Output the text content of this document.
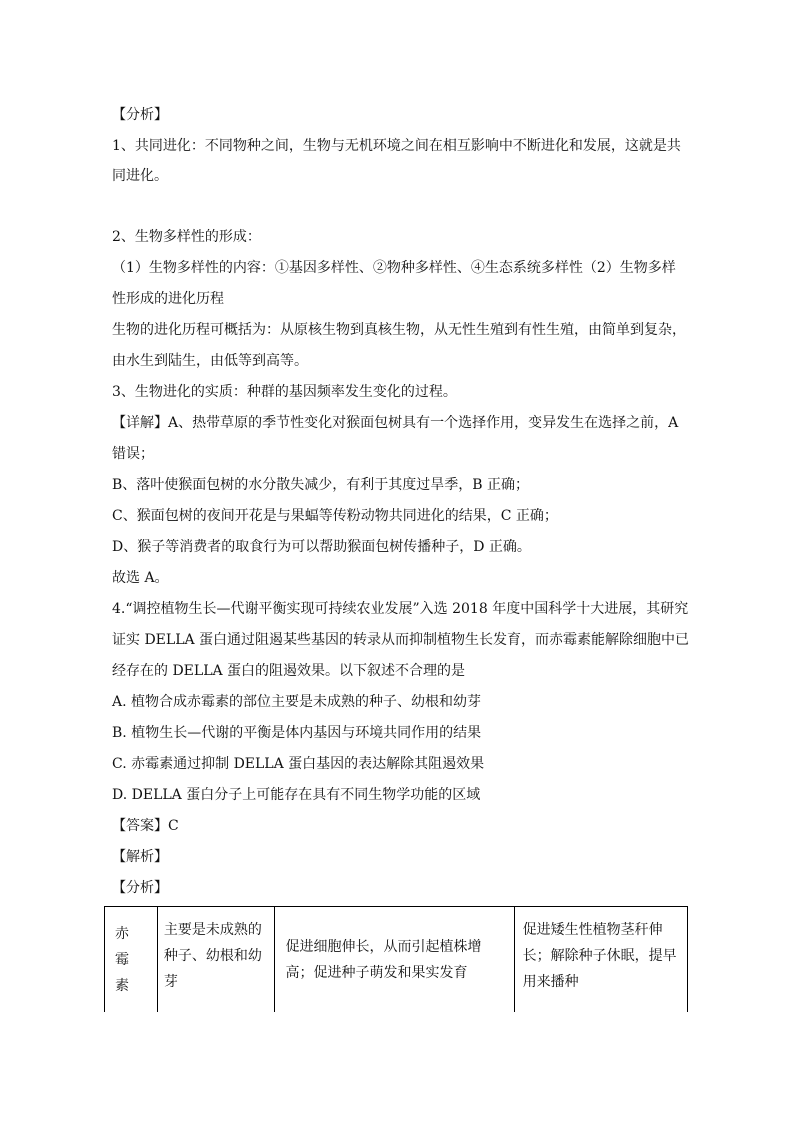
【分析】
1、共同进化：不同物种之间，生物与无机环境之间在相互影响中不断进化和发展，这就是共
同进化。
2、生物多样性的形成：
（1）生物多样性的内容：①基因多样性、②物种多样性、④生态系统多样性（2）生物多样
性形成的进化历程
生物的进化历程可概括为：从原核生物到真核生物，从无性生殖到有性生殖，由简单到复杂，
由水生到陆生，由低等到高等。
3、生物进化的实质：种群的基因频率发生变化的过程。
【详解】A、热带草原的季节性变化对猴面包树具有一个选择作用，变异发生在选择之前，A
错误；
B、落叶使猴面包树的水分散失减少，有利于其度过旱季，B 正确；
C、猴面包树的夜间开花是与果蝠等传粉动物共同进化的结果，C 正确；
D、猴子等消费者的取食行为可以帮助猴面包树传播种子，D 正确。
故选 A。
4.“调控植物生长—代谢平衡实现可持续农业发展”入选 2018 年度中国科学十大进展，其研究
证实 DELLA 蛋白通过阻遏某些基因的转录从而抑制植物生长发育，而赤霉素能解除细胞中已
经存在的 DELLA 蛋白的阻遏效果。以下叙述不合理的是
A. 植物合成赤霉素的部位主要是未成熟的种子、幼根和幼芽
B. 植物生长—代谢的平衡是体内基因与环境共同作用的结果
C. 赤霉素通过抑制 DELLA 蛋白基因的表达解除其阻遏效果
D. DELLA 蛋白分子上可能存在具有不同生物学功能的区域
【答案】C
【解析】
【分析】
赤霉素
主要是未成熟的种子、幼根和幼芽
促进细胞伸长，从而引起植株增高；促进种子萌发和果实发育
促进矮生性植物茎秆伸长；解除种子休眠，提早用来播种
